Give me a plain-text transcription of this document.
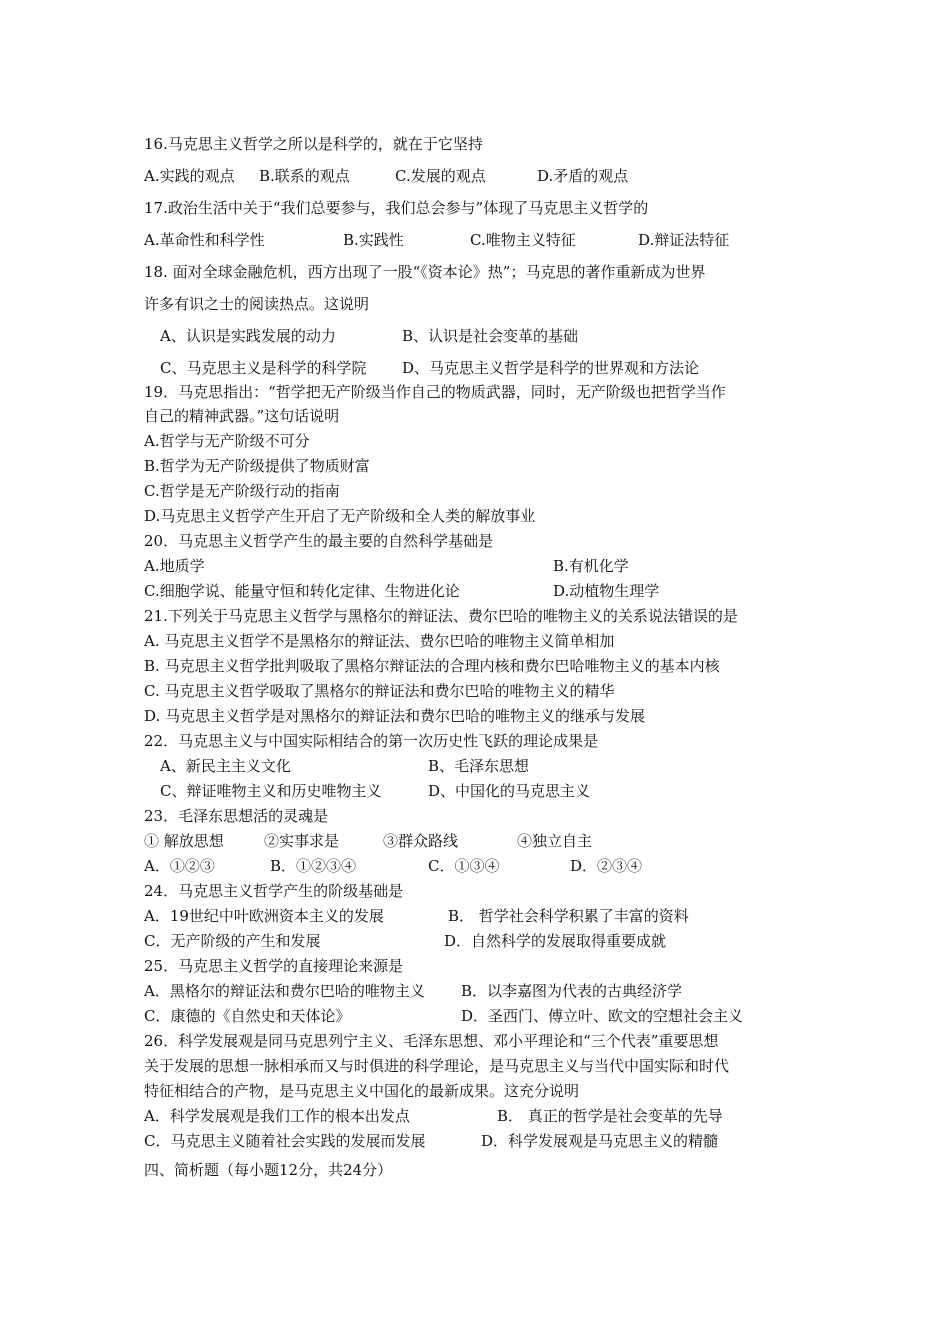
16.马克思主义哲学之所以是科学的，就在于它坚持
A.实践的观点 B.联系的观点	C.发展的观点	D.矛盾的观点
17.政治生活中关于“我们总要参与，我们总会参与”体现了马克思主义哲学的
A.革命性和科学性	B.实践性	C.唯物主义特征	D.辩证法特征
18. 面对全球金融危机，西方出现了一股“《资本论》热”；马克思的著作重新成为世界
许多有识之士的阅读热点。这说明
A、认识是实践发展的动力	B、认识是社会变革的基础
C、马克思主义是科学的科学院 D、马克思主义哲学是科学的世界观和方法论
19．马克思指出：“哲学把无产阶级当作自己的物质武器，同时，无产阶级也把哲学当作
自己的精神武器。”这句话说明
A.哲学与无产阶级不可分
B.哲学为无产阶级提供了物质财富
C.哲学是无产阶级行动的指南
D.马克思主义哲学产生开启了无产阶级和全人类的解放事业
20．马克思主义哲学产生的最主要的自然科学基础是
A.地质学	B.有机化学
C.细胞学说、能量守恒和转化定律、生物进化论	D.动植物生理学
21.下列关于马克思主义哲学与黑格尔的辩证法、费尔巴哈的唯物主义的关系说法错误的是
A. 马克思主义哲学不是黑格尔的辩证法、费尔巴哈的唯物主义简单相加
B. 马克思主义哲学批判吸取了黑格尔辩证法的合理内核和费尔巴哈唯物主义的基本内核
C. 马克思主义哲学吸取了黑格尔的辩证法和费尔巴哈的唯物主义的精华
D. 马克思主义哲学是对黑格尔的辩证法和费尔巴哈的唯物主义的继承与发展
22．马克思主义与中国实际相结合的第一次历史性飞跃的理论成果是
A、新民主主义文化	B、毛泽东思想
C、辩证唯物主义和历史唯物主义	D、中国化的马克思主义
23．毛泽东思想活的灵魂是
① 解放思想	②实事求是	③群众路线	④独立自主
A．①②③	B．①②③④	C．①③④	D．②③④
24．马克思主义哲学产生的阶级基础是
A．19世纪中叶欧洲资本主义的发展	B． 哲学社会科学积累了丰富的资料
C．无产阶级的产生和发展	D．自然科学的发展取得重要成就
25．马克思主义哲学的直接理论来源是
A．黑格尔的辩证法和费尔巴哈的唯物主义 B．以李嘉图为代表的古典经济学
C．康德的《自然史和天体论》	D．圣西门、傅立叶、欧文的空想社会主义
26．科学发展观是同马克思列宁主义、毛泽东思想、邓小平理论和“三个代表”重要思想
关于发展的思想一脉相承而又与时俱进的科学理论，是马克思主义与当代中国实际和时代
特征相结合的产物，是马克思主义中国化的最新成果。这充分说明
A．科学发展观是我们工作的根本出发点	B． 真正的哲学是社会变革的先导
C．马克思主义随着社会实践的发展而发展	D．科学发展观是马克思主义的精髓
四、简析题（每小题12分，共24分）
